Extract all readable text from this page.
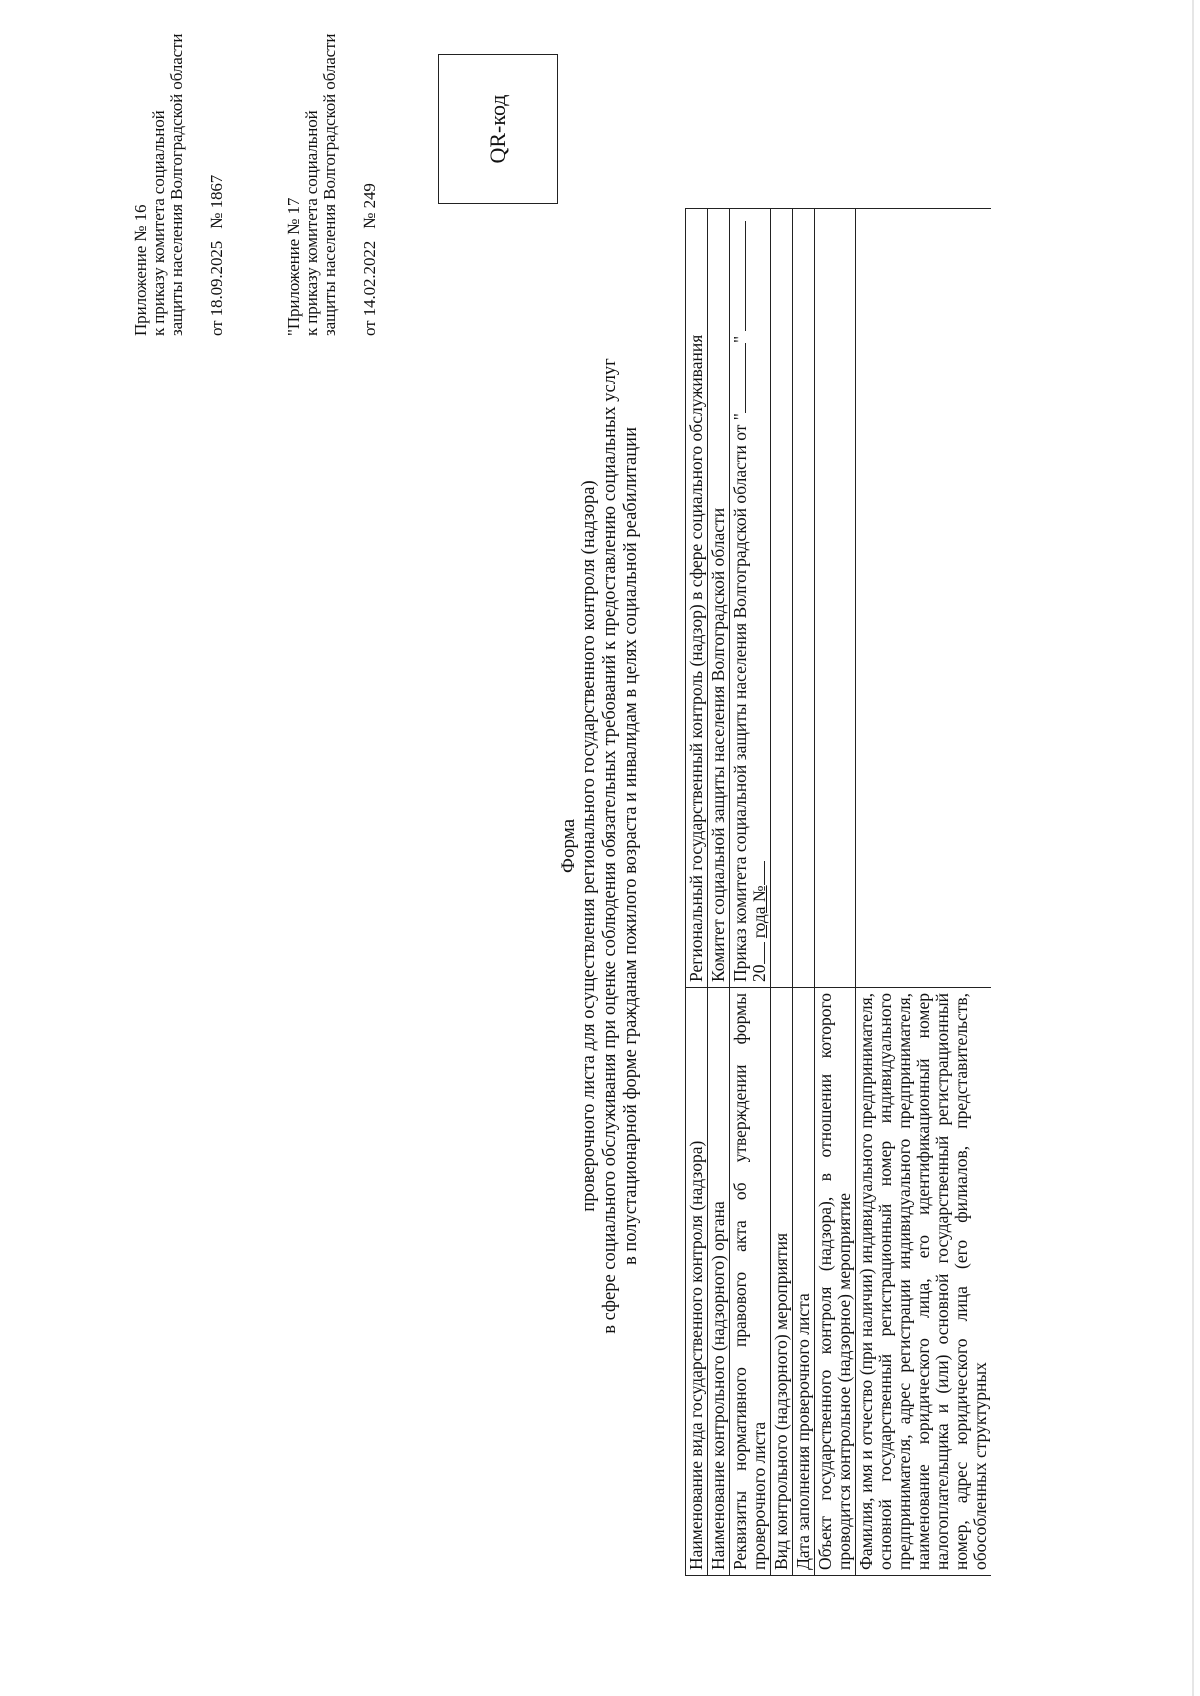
Приложение № 16 к приказу комитета социальной защиты населения Волгоградской области от 18.09.2025 № 1867	"Приложение № 17 к приказу комитета социальной защиты населения Волгоградской области от 14.02.2022 № 249
QR-код
Форма проверочного листа для осуществления регионального государственного контроля (надзора) в сфере социального обслуживания при оценке соблюдения обязательных требований к предоставлению социальных услуг в полустационарной форме гражданам пожилого возраста и инвалидам в целях социальной реабилитации
Наименование вида государственного контроля (надзора)	Региональный государственный контроль (надзор) в сфере социального обслуживания
Наименование контрольного (надзорного) органа	Комитет социальной защиты населения Волгоградской области
Реквизиты нормативного правового акта об утверждении формы проверочного листа	Приказ комитета социальной защиты населения Волгоградской области от ""  20 года №
Вид контрольного (надзорного) мероприятия	
Дата заполнения проверочного листа	
Объект государственного контроля (надзора), в отношении которого проводится контрольное (надзорное) мероприятие	
Фамилия, имя и отчество (при наличии) индивидуального предпринимателя, основной государственный регистрационный номер индивидуального предпринимателя, адрес регистрации индивидуального предпринимателя, наименование юридического лица, его идентификационный номер налогоплательщика и (или) основной государственный регистрационный номер, адрес юридического лица (его филиалов, представительств, обособленных структурных	
